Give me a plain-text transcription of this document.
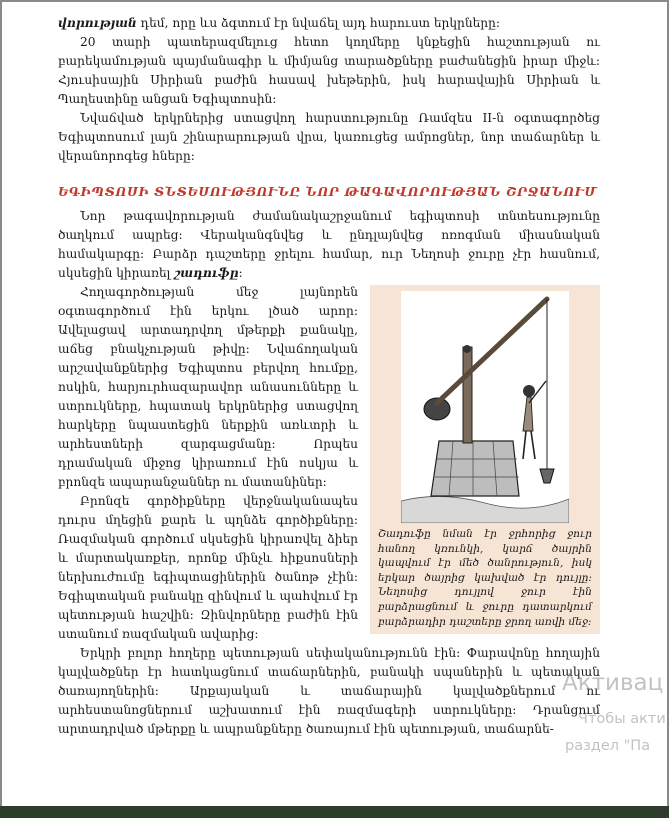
վորության դեմ, որը ևս ձգտում էր նվաճել այդ հարուստ երկրները:

20 տարի պատերազմելուց հետո կողմերը կնքեցին հաշտության ու բարեկամության պայմանագիր և միմյանց տարածքները բաժանեցին իրար միջև: Հյուսիսային Սիրիան բաժին հասավ խեթերին, իսկ հարավային Սիրիան և Պաղեստինը անցան Եգիպտոսին:

Նվաճված երկրներից ստացվող հարստությունը Ռամզես II-ն օգտագործեց Եգիպտոսում լայն շինարարության վրա, կառուցեց ամրոցներ, նոր տաճարներ և վերանորոգեց հները:

ԵԳԻՊՏՈՍԻ ՏՆՏԵՍՈՒԹՅՈՒՆԸ ՆՈՐ ԹԱԳԱՎՈՐՈՒԹՅԱՆ ՇՐՋԱՆՈՒՄ

Նոր թագավորության ժամանակաշրջանում եգիպտոսի տնտեսությունը ծաղկում ապրեց: Վերականգնվեց և ընդլայնվեց ոռոգման միասնական համակարգը: Բարձր դաշտերը ջրելու համար, ուր Նեղոսի ջուրը չէր հասնում, սկսեցին կիրառել շադուֆը:

Շադուֆը նման էր ջրհորից ջուր հանող կռունկի, կարճ ծայրին կապվում էր մեծ ծանրություն, իսկ երկար ծայրից կախված էր դույլը: Նեղոսից դույլով ջուր էին բարձրացնում և ջուրը դատարկում բարձրադիր դաշտերը ջրող առվի մեջ:

Հողագործության մեջ լայնորեն օգտագործում էին երկու լծած արոր: Ավելացավ արտադրվող մթերքի քանակը, աճեց բնակչության թիվը: Նվաճողական արշավանքներից Եգիպտոս բերվող հումքը, ոսկին, հարյուրհազարավոր անասունները և ստրուկները, հպատակ երկրներից ստացվող հարկերը նպաստեցին ներքին առևտրի և արհեստների զարգացմանը: Որպես դրամական միջոց կիրառում էին ոսկյա և բրոնզե ապարանջաններ ու մատանիներ:

Բրոնզե գործիքները վերջնականապես դուրս մղեցին քարե և պղնձե գործիքները: Ռազմական գործում սկսեցին կիրառվել ձիեր և մարտակառքեր, որոնք մինչև հիքսոսների ներխուժումը եգիպտացիներին ծանոթ չէին: Եգիպտական բանակը զինվում և պահվում էր պետության հաշվին: Զինվորները բաժին էին ստանում ռազմական ավարից:

Երկրի բոլոր հողերը պետության սեփականությունն էին: Փարավոնը հողային կալվածքներ էր հատկացնում տաճարներին, բանակի սպաներին և պետական ծառայողներին: Արքայական և տաճարային կալվածքներում ու արհեստանոցներում աշխատում էին ռազմագերի ստրուկները: Դրանցում արտադրված մթերքը և ապրանքները ծառայում էին պետության, տաճարնե-

Активац
Чтобы акти
раздел "Па
